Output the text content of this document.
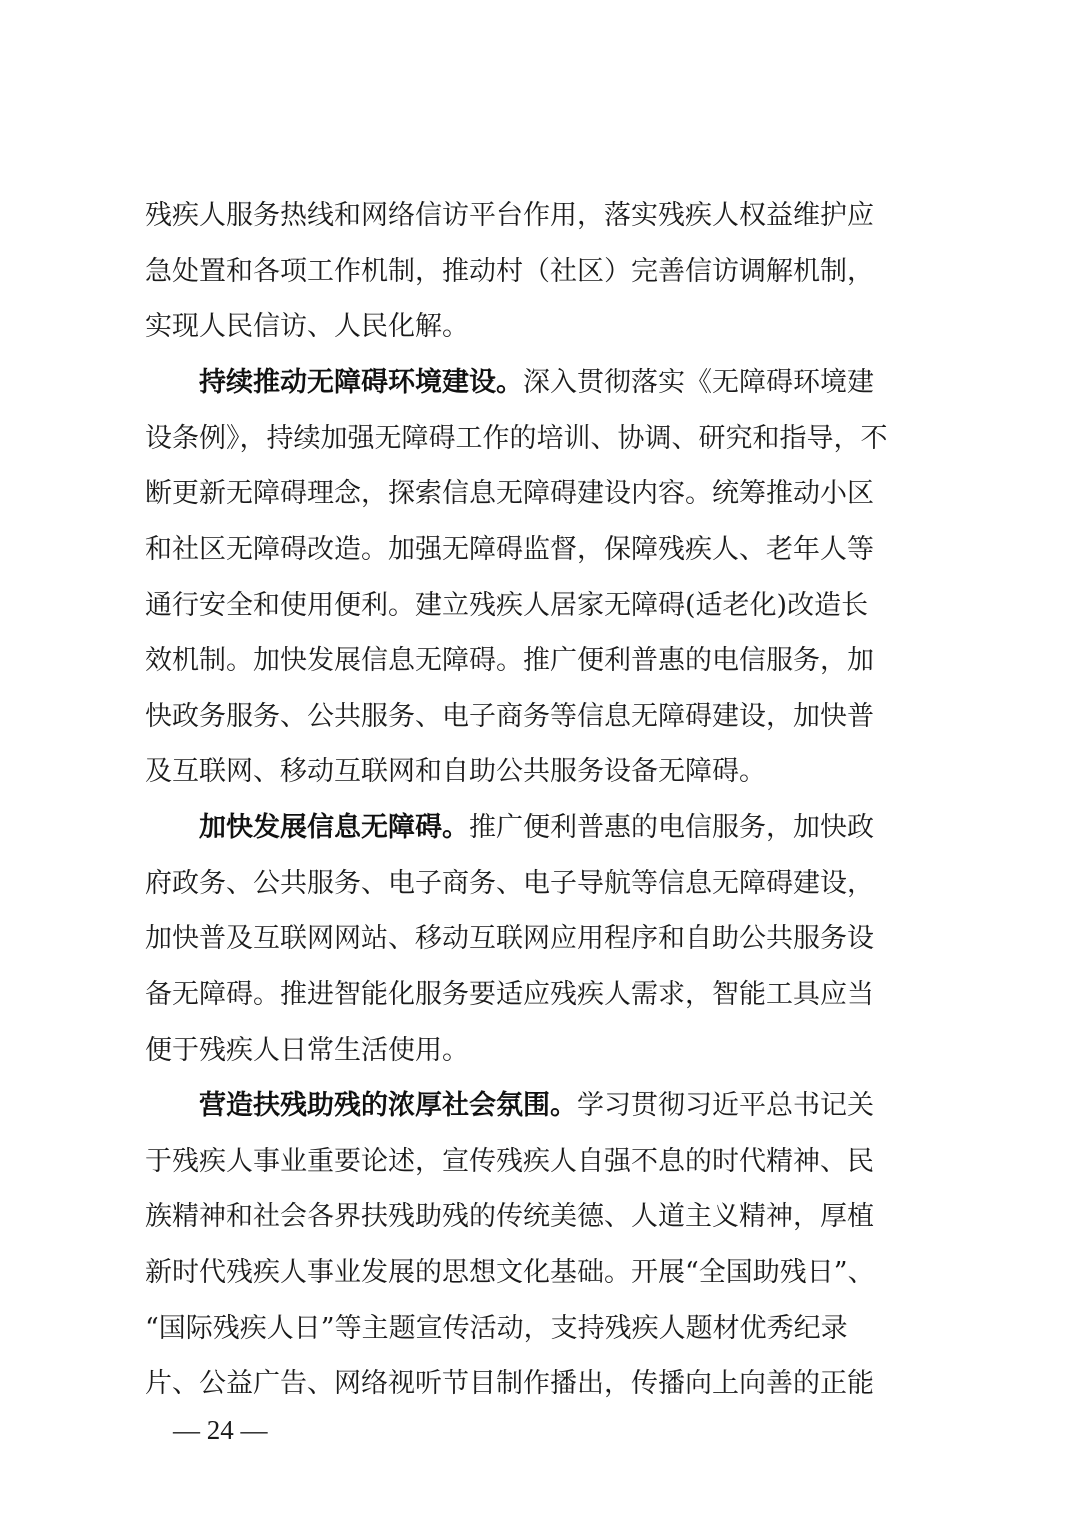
残疾人服务热线和网络信访平台作用，落实残疾人权益维护应
急处置和各项工作机制，推动村（社区）完善信访调解机制，
实现人民信访、人民化解。
持续推动无障碍环境建设。深入贯彻落实《无障碍环境建
设条例》，持续加强无障碍工作的培训、协调、研究和指导，不
断更新无障碍理念，探索信息无障碍建设内容。统筹推动小区
和社区无障碍改造。加强无障碍监督，保障残疾人、老年人等
通行安全和使用便利。建立残疾人居家无障碍(适老化)改造长
效机制。加快发展信息无障碍。推广便利普惠的电信服务，加
快政务服务、公共服务、电子商务等信息无障碍建设，加快普
及互联网、移动互联网和自助公共服务设备无障碍。
加快发展信息无障碍。推广便利普惠的电信服务，加快政
府政务、公共服务、电子商务、电子导航等信息无障碍建设，
加快普及互联网网站、移动互联网应用程序和自助公共服务设
备无障碍。推进智能化服务要适应残疾人需求，智能工具应当
便于残疾人日常生活使用。
营造扶残助残的浓厚社会氛围。学习贯彻习近平总书记关
于残疾人事业重要论述，宣传残疾人自强不息的时代精神、民
族精神和社会各界扶残助残的传统美德、人道主义精神，厚植
新时代残疾人事业发展的思想文化基础。开展“全国助残日”、
“国际残疾人日”等主题宣传活动，支持残疾人题材优秀纪录
片、公益广告、网络视听节目制作播出，传播向上向善的正能
— 24 —
